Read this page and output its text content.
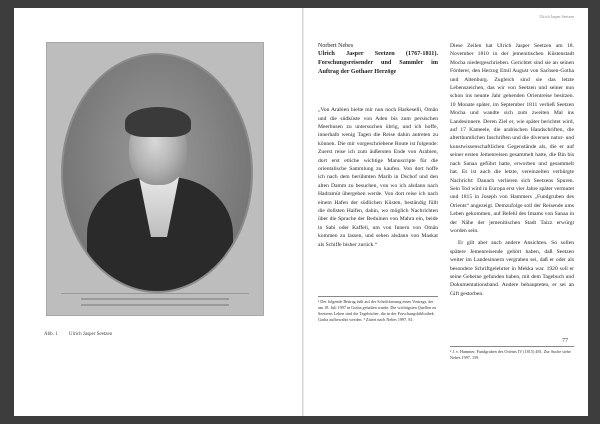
Abb. 1 Ulrich Jasper Seetzen
Ulrich Jasper Seetzen
Norbert Nebes
Ulrich Jasper Seetzen (1767-1811). Forschungsreisender und Sammler im Auftrag der Gothaer Herzöge

„Von Arabien hielte mir nun noch Harkeselli, Omân und die südküste von Aden bis zum persischen Meerbusen zu untersuchen übrig, und ich hoffe, innerhalb wenig Tagen die Reise dahin antreten zu können. Die mir vorgeschriebene Route ist folgende: Zuerst reise ich zum äußersten Ende von Arabien, dort erst etliche wichtige Manuscripte für die orientalische Sammlung zu kaufen. Von dort hoffe ich nach dem berühmten Marib in Dschof und den alten Damm zu besuchen, von wo ich alsdann nach Hadramût übergehen werde. Von dort reise ich nach einem Hafen der südlichen Küsten, beständig füllt die dollsten Haifen, dahin, wo möglich Nachrichten über die Sprache der Beduinen von Mahra ein, beide in Sabi oder Kaffeli, um von Innern von Omân kommen zu lassen, und sehen alsdann von Maskat als Schiffe bisher zurück.“

Diese Zeilen hat Ulrich Jasper Seetzen am 18. November 1810 in der jemenitischen Küstenstadt Mocha niedergeschrieben. Gerichtet sind sie an seinen Förderer, den Herzog Emil August von Sachsen-Gotha und Altenburg. Zugleich sind sie das letzte Lebenszeichen, das wir von Seetzen und seiner nun schon ins neunte Jahr gehenden Orientreise besitzen. 10 Monate später, im September 1811 verließ Seetzen Mocha und wandte sich zum zweiten Mal ins Landesinnere. Deren Ziel er, wie später berichtet wird, auf 17 Kameele, die arabischen Handschriften, die alterthumlichen Inschriften und die diversen natur- und kunstwissenschaftlichen Gegenstände als, die er auf seiner ersten Jemenreisen gesammelt hatte, die Bin bis nach Sanaa geführt hatte, erworben und gesammelt hat. Es ist auch die letzte, vereinzelten verbürgte Nachricht: Danach verlieren sich Seetzens Spuren. Sein Tod wird in Europa erst vier Jahre später vermutet und 1815 in Joseph von Hammers „Fundgruben des Orients“ angezeigt. Demzufolge soll der Reisende ums Leben gekommen, auf Befehl des Imams von Sanaa in der Nähe der jemenitischen Stadt Taizz erwürgt worden sein.

Er gilt aber auch andere Ansichten. So sollen spätere Jemenreisende gehört haben, daß Seetzen weiter im Landesinnern vergraben sei, daß er oder als besondere Schriftgelehrter in Mekka war. 1920 soll er seine Gebeine gefunden haben, mit dem Tagebuch und Dokumentationsband. Andere behaupteten, er sei an Gift gestorben.

¹ Der folgende Beitrag fußt auf der Schriftfassung eines Vortrags, der am 18. Juli 1997 in Gotha gehalten wurde. Die wichtigsten Quellen zu Seetzens Leben sind die Tagebücher, die in der Forschungsbibliothek Gotha aufbewahrt werden. ² Zitiert nach Nebes 1997, 81.
³ J. v. Hammer, Fundgruben des Orients IV (1815) 481. Zur Suche siehe Nebes 1997, 159.
77
